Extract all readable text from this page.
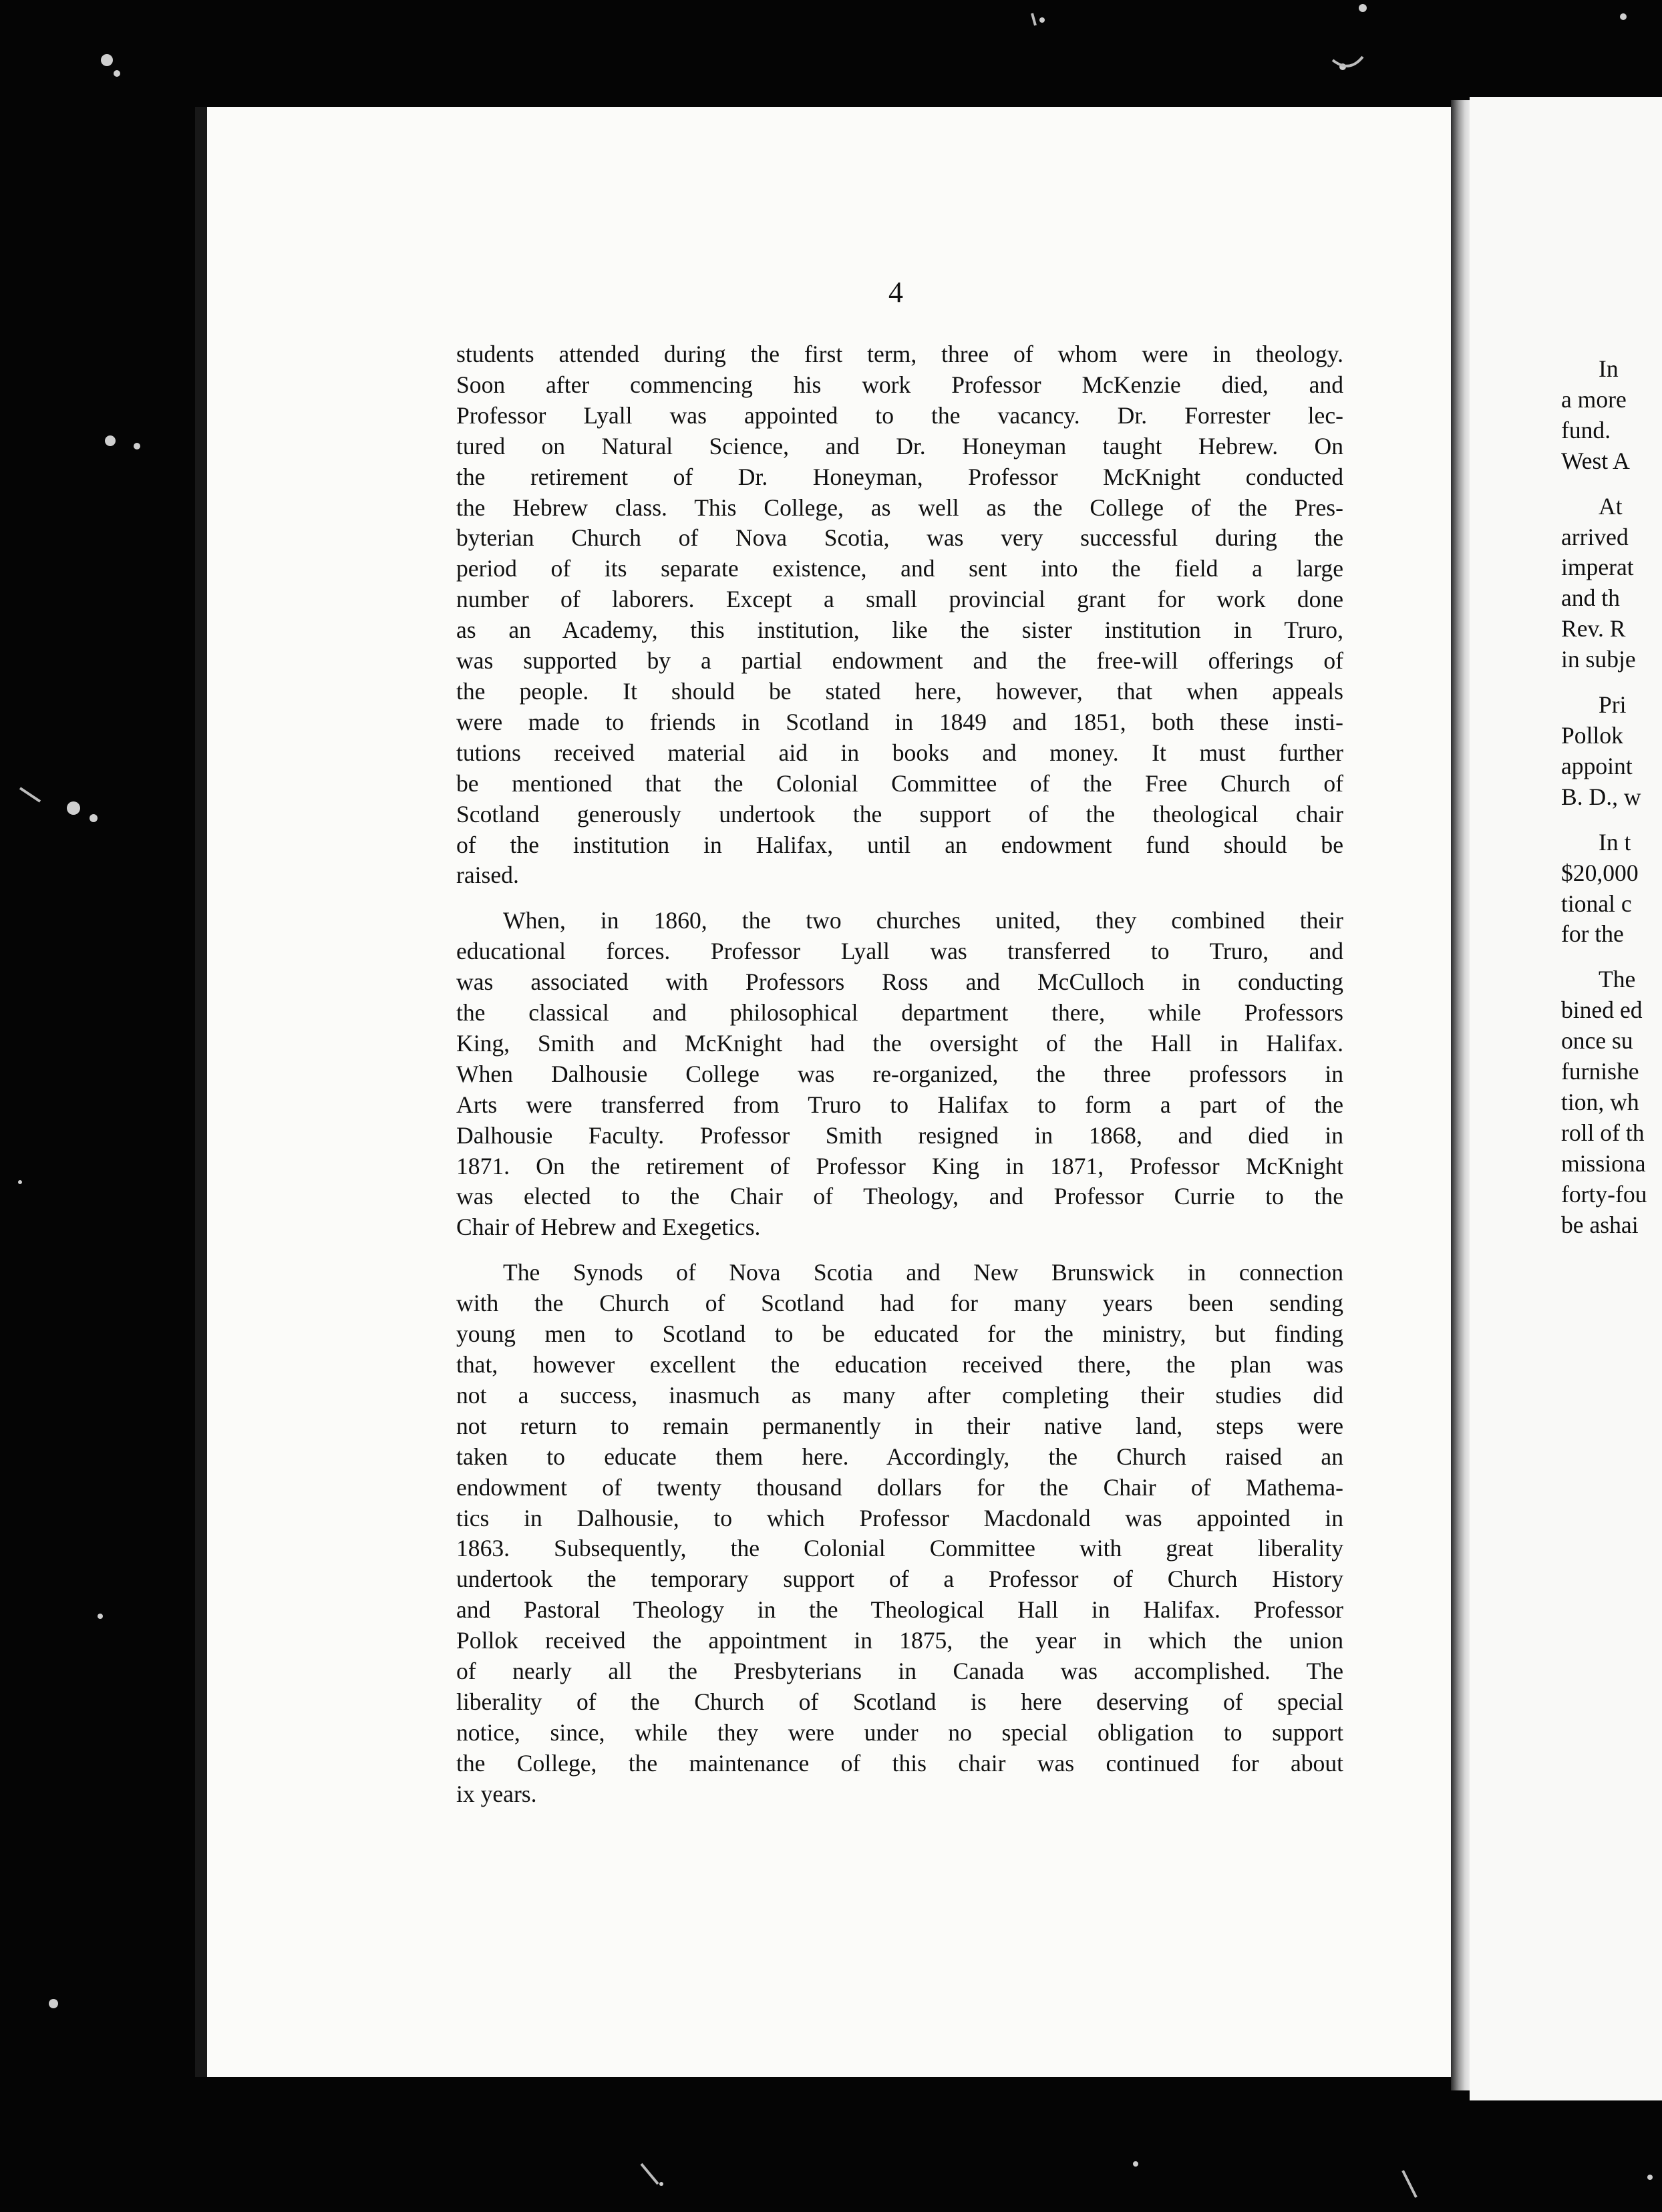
4
students attended during the first term, three of whom were in theology.
Soon after commencing his work Professor McKenzie died, and
Professor Lyall was appointed to the vacancy. Dr. Forrester lec-
tured on Natural Science, and Dr. Honeyman taught Hebrew. On
the retirement of Dr. Honeyman, Professor McKnight conducted
the Hebrew class. This College, as well as the College of the Pres-
byterian Church of Nova Scotia, was very successful during the
period of its separate existence, and sent into the field a large
number of laborers. Except a small provincial grant for work done
as an Academy, this institution, like the sister institution in Truro,
was supported by a partial endowment and the free-will offerings of
the people. It should be stated here, however, that when appeals
were made to friends in Scotland in 1849 and 1851, both these insti-
tutions received material aid in books and money. It must further
be mentioned that the Colonial Committee of the Free Church of
Scotland generously undertook the support of the theological chair
of the institution in Halifax, until an endowment fund should be
raised.
When, in 1860, the two churches united, they combined their
educational forces. Professor Lyall was transferred to Truro, and
was associated with Professors Ross and McCulloch in conducting
the classical and philosophical department there, while Professors
King, Smith and McKnight had the oversight of the Hall in Halifax.
When Dalhousie College was re-organized, the three professors in
Arts were transferred from Truro to Halifax to form a part of the
Dalhousie Faculty. Professor Smith resigned in 1868, and died in
1871. On the retirement of Professor King in 1871, Professor McKnight
was elected to the Chair of Theology, and Professor Currie to the
Chair of Hebrew and Exegetics.
The Synods of Nova Scotia and New Brunswick in connection
with the Church of Scotland had for many years been sending
young men to Scotland to be educated for the ministry, but finding
that, however excellent the education received there, the plan was
not a success, inasmuch as many after completing their studies did
not return to remain permanently in their native land, steps were
taken to educate them here. Accordingly, the Church raised an
endowment of twenty thousand dollars for the Chair of Mathema-
tics in Dalhousie, to which Professor Macdonald was appointed in
1863. Subsequently, the Colonial Committee with great liberality
undertook the temporary support of a Professor of Church History
and Pastoral Theology in the Theological Hall in Halifax. Professor
Pollok received the appointment in 1875, the year in which the union
of nearly all the Presbyterians in Canada was accomplished. The
liberality of the Church of Scotland is here deserving of special
notice, since, while they were under no special obligation to support
the College, the maintenance of this chair was continued for about
ix years.
In
a more
fund.
West A
At
arrived
imperat
and th
Rev. R
in subje
Pri
Pollok
appoint
B. D., w
In t
$20,000
tional c
for the
The
bined ed
once su
furnishe
tion, wh
roll of th
missiona
forty-fou
be ashai
